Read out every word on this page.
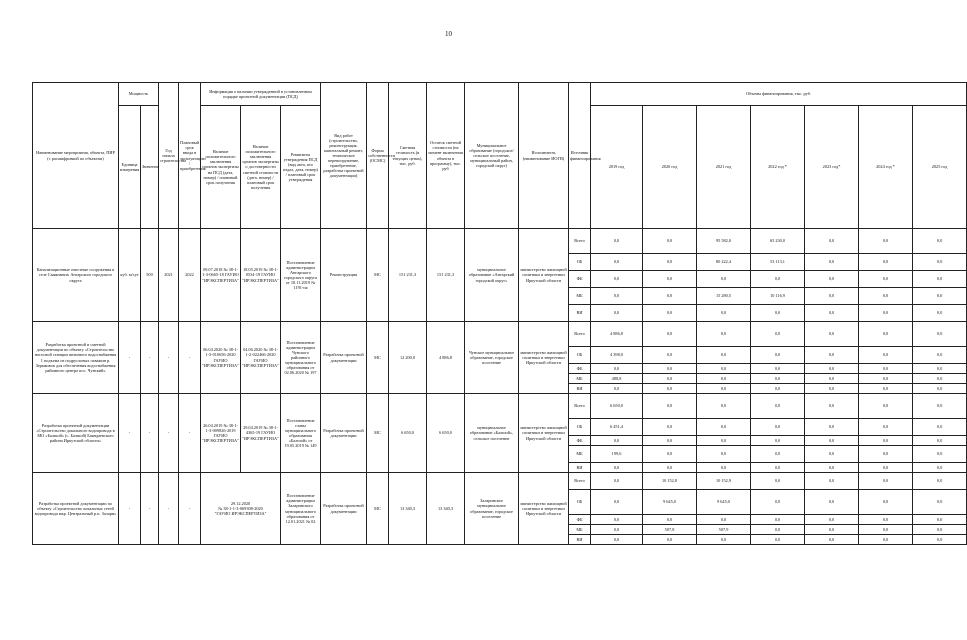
10
Наименование мероприятия, объекта, ПИР
(с расшифровкой по объектам)	Мощность		Год начала строительства	Плановый срок ввода в эксплуатацию / приобретения	Информация о наличии утвержденной в установленном порядке проектной документации (ПСД)			Вид работ (строительство, реконструкция, капитальный ремонт, техническое перевооружение, приобретение, разработка проектной документации)	Форма собственности (ОСМС)	Сметная стоимость (в текущих ценах), тыс. руб.	Остаток сметной стоимости (на момент включения объекта в программу), тыс. руб	Муниципальное образование (городское/сельское поселение, муниципальный район, городской округ)	Исполнитель (наименование ИОГВ)	Источник финансирования	Объемы финансирования, тыс. руб.						
	Единица измерения	Значение			Наличие положительного заключения органов экспертизы на ПСД (дата, номер) / плановый срок получения	Наличие положительного заключения органов экспертизы о достоверности сметной стоимости (дата, номер) / плановый срок получения	Реквизиты утверждения ПСД (вид акта, кто издал, дата, номер) / плановый срок утверждения								2019 год	2020 год	2021 год	2022 год *	2023 год*	2024 год *	2025 год
Канализационные очистные сооружения в селе Сыяковекть Ангарского городского округа	куб. м/сут	500	2021	2022	09.07.2018 № 38-1-1-3-0665-18 ГАУИО "ИРЭКСПЕРТИЗА"	18.05.2019 № 38-1-0534-19 ГАУИО "ИРЭКСПЕРТИЗА"	Постановление администрации Ангарского городского округа от 18.11.2019 № 1191-па	Реконструкция	МС	151 231,3	151 231,3	муниципальное образование «Ангарский городской округ»	министерство жилищной политики и энергетики Иркутской области	Всего	0,0	0,0	95 582,0	65 230,0	0,0	0,0	0,0
														ОБ	0,0	0,0	80 222,4	53 113,1	0,0	0,0	0,0
														ФБ	0,0	0,0	0,0	0,0	0,0	0,0	0,0
														МБ	0,0	0,0	15 280,5	10 116,9	0,0	0,0	0,0
														ВИ	0,0	0,0	0,0	0,0	0,0	0,0	0,0
Разработка проектной и сметной документации по объекту «Строительство насосной станции питьевого водоснабжения 1 подъема из подрусловых скважин р. Зерыковок для обеспечения водоснабжения районного центра пос. Чунский»	-	-	-	-	06.04.2020 № 38-1-1-3-010656-2020 ГАУИО "ИРЭКСПЕРТИЗА"	04.06.2020 № 38-1-1-2-022466-2020 ГАУИО "ИРЭКСПЕРТИЗА"	Постановление администрации Чунского районного муниципального образования от 02.06.2020 № 197	Разработка проектной документации	МС	12 200,0	4 886,8	Чунское муниципальное образование, городское поселение	министерство жилищной политики и энергетики Иркутской области	Всего	4 886,8	0,0	0,0	0,0	0,0	0,0	0,0
														ОБ	4 398,0	0,0	0,0	0,0	0,0	0,0	0,0
														ФБ	0,0	0,0	0,0	0,0	0,0	0,0	0,0
														МБ	488,8	0,0	0,0	0,0	0,0	0,0	0,0
														ВИ	0,0	0,0	0,0	0,0	0,0	0,0	0,0
Разработка проектной документации «Строительство докального водопровода в МО «Балшой» (с. Балшой) Баяндаевского района Иркутской области»	-	-	-	-	26.04.2019 № 38-1-1-3-009826-2019 ГАУИО "ИРЭКСПЕРТИЗА"	29.04.2019 № 38-1-4365-19 ГАУИО "ИРЭКСПЕРТИЗА"	Постановление главы муниципального образования «Балшой» от 19.05.2019 № 149	Разработка проектной документации	МС	6 650,0	6 650,0	муниципальное образование «Балшой», сельское поселение	министерство жилищной политики и энергетики Иркутской области	Всего	6 650,0	0,0	0,0	0,0	0,0	0,0	0,0
														ОБ	6 451,4	0,0	0,0	0,0	0,0	0,0	0,0
														ФБ	0,0	0,0	0,0	0,0	0,0	0,0	0,0
														МБ	199,6	0,0	0,0	0,0	0,0	0,0	0,0
														ВИ	0,0	0,0	0,0	0,0	0,0	0,0	0,0
Разработка проектной документации по объекту «Строительство локальных сетей водопровода мкр. Центральный р.п. Залари»	-	-	-	-	29.12.2020
№ 38-1-1-3-069308-2020
"ГАУИО ИРЭКСПЕРТИЗА"		Постановление администрации Заларинского муниципального образования от 12.01.2021 № 02	Разработка проектной документации	МС	13 340,3	13 340,3	Заларинское муниципальное образование, городское поселение	министерство жилищной политики и энергетики Иркутской области	Всего	0,0	10 152,8	10 152,9	0,0	0,0	0,0	0,0
														ОБ	0,0	9 645,0	9 645,0	0,0	0,0	0,0	0,0
														ФБ	0,0	0,0	0,0	0,0	0,0	0,0	0,0
														МБ	0,0	507,8	507,9	0,0	0,0	0,0	0,0
														ВИ	0,0	0,0	0,0	0,0	0,0	0,0	0,0
